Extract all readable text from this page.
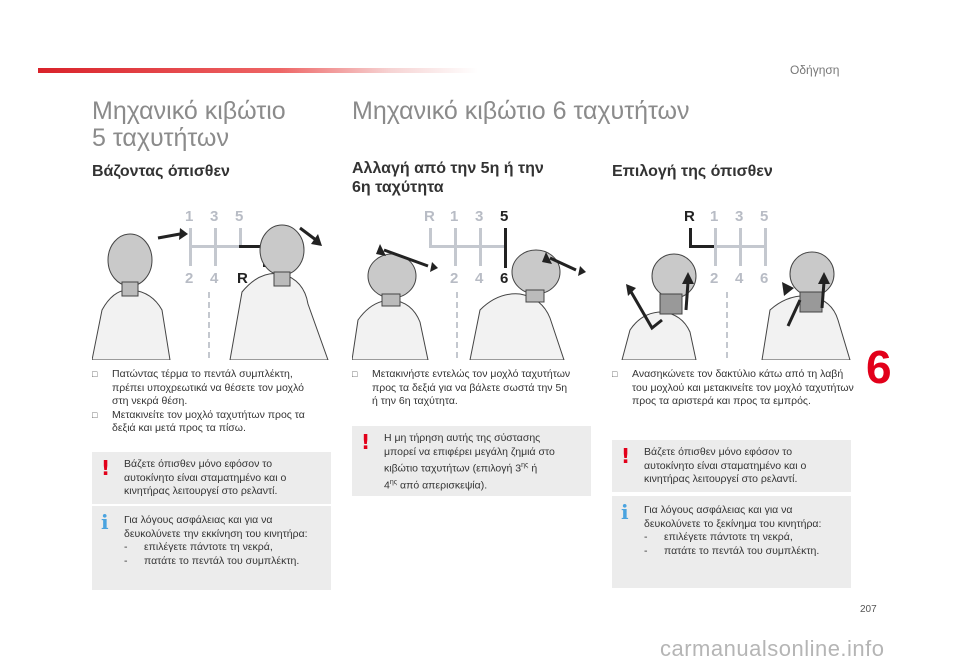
Οδήγηση
Μηχανικό κιβώτιο
5 ταχυτήτων
Βάζοντας όπισθεν
1 3 5
2 4 R
□ Πατώντας τέρμα το πεντάλ συμπλέκτη,
πρέπει υποχρεωτικά να θέσετε τον μοχλό
στη νεκρά θέση.
□ Μετακινείτε τον μοχλό ταχυτήτων προς τα
δεξιά και μετά προς τα πίσω.
! Βάζετε όπισθεν μόνο εφόσον το
αυτοκίνητο είναι σταματημένο και ο
κινητήρας λειτουργεί στο ρελαντί.
i	Για λόγους ασφάλειας και για να
δευκολύνετε την εκκίνηση του κινητήρα:
- επιλέγετε πάντοτε τη νεκρά,
- πατάτε το πεντάλ του συμπλέκτη.
Μηχανικό κιβώτιο 6 ταχυτήτων
Αλλαγή από την 5η ή την
6η ταχύτητα
R 1 3 5
2 4 6
□ Μετακινήστε εντελώς τον μοχλό ταχυτήτων
προς τα δεξιά για να βάλετε σωστά την 5η
ή την 6η ταχύτητα.
! Η μη τήρηση αυτής της σύστασης
μπορεί να επιφέρει μεγάλη ζημιά στο
κιβώτιο ταχυτήτων (επιλογή $3^{\eta\varsigma}$ ή
$4^{\eta\varsigma}$ από απερισκεψία).
Επιλογή της όπισθεν
R 1 3 5
2 4 6
□ Ανασηκώνετε τον δακτύλιο κάτω από τη λαβή
του μοχλού και μετακινείτε τον μοχλό ταχυτήτων
προς τα αριστερά και προς τα εμπρός.
! Βάζετε όπισθεν μόνο εφόσον το
αυτοκίνητο είναι σταματημένο και ο
κινητήρας λειτουργεί στο ρελαντί.
i	Για λόγους ασφάλειας και για να
δευκολύνετε το ξεκίνημα του κινητήρα:
- επιλέγετε πάντοτε τη νεκρά,
- πατάτε το πεντάλ του συμπλέκτη.
6
207
carmanualsonline.info
